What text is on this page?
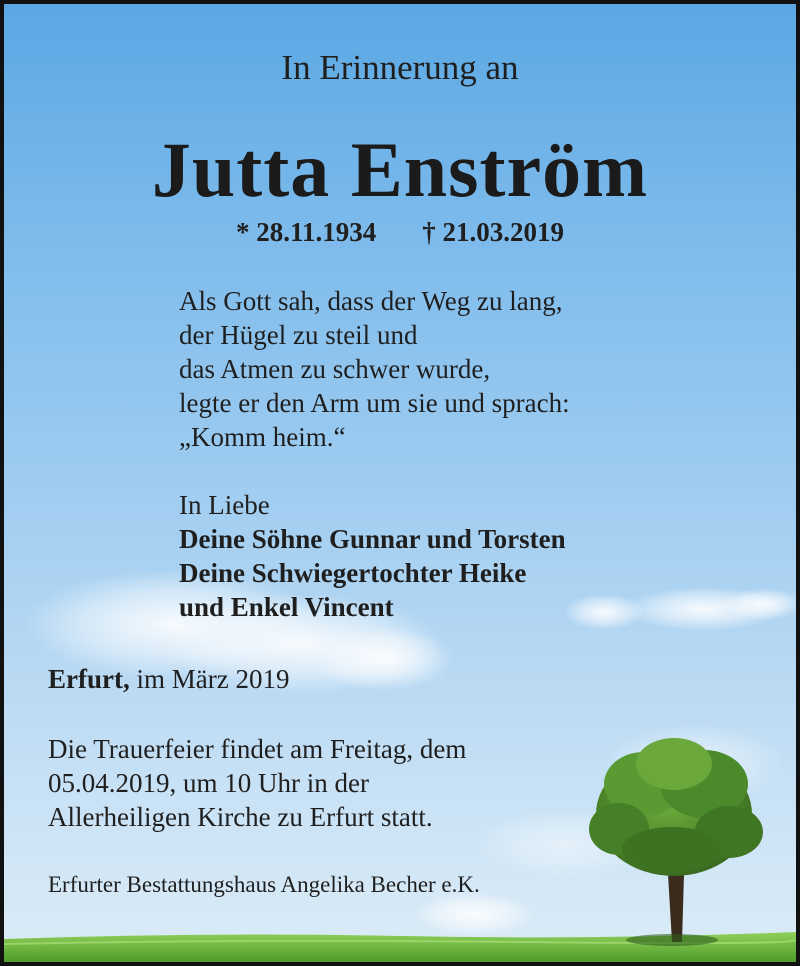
In Erinnerung an
Jutta Enström
* 28.11.1934 † 21.03.2019
Als Gott sah, dass der Weg zu lang,
der Hügel zu steil und
das Atmen zu schwer wurde,
legte er den Arm um sie und sprach:
„Komm heim.“
In Liebe
Deine Söhne Gunnar und Torsten
Deine Schwiegertochter Heike
und Enkel Vincent
Erfurt, im März 2019
Die Trauerfeier findet am Freitag, dem
05.04.2019, um 10 Uhr in der
Allerheiligen Kirche zu Erfurt statt.
Erfurter Bestattungshaus Angelika Becher e.K.
